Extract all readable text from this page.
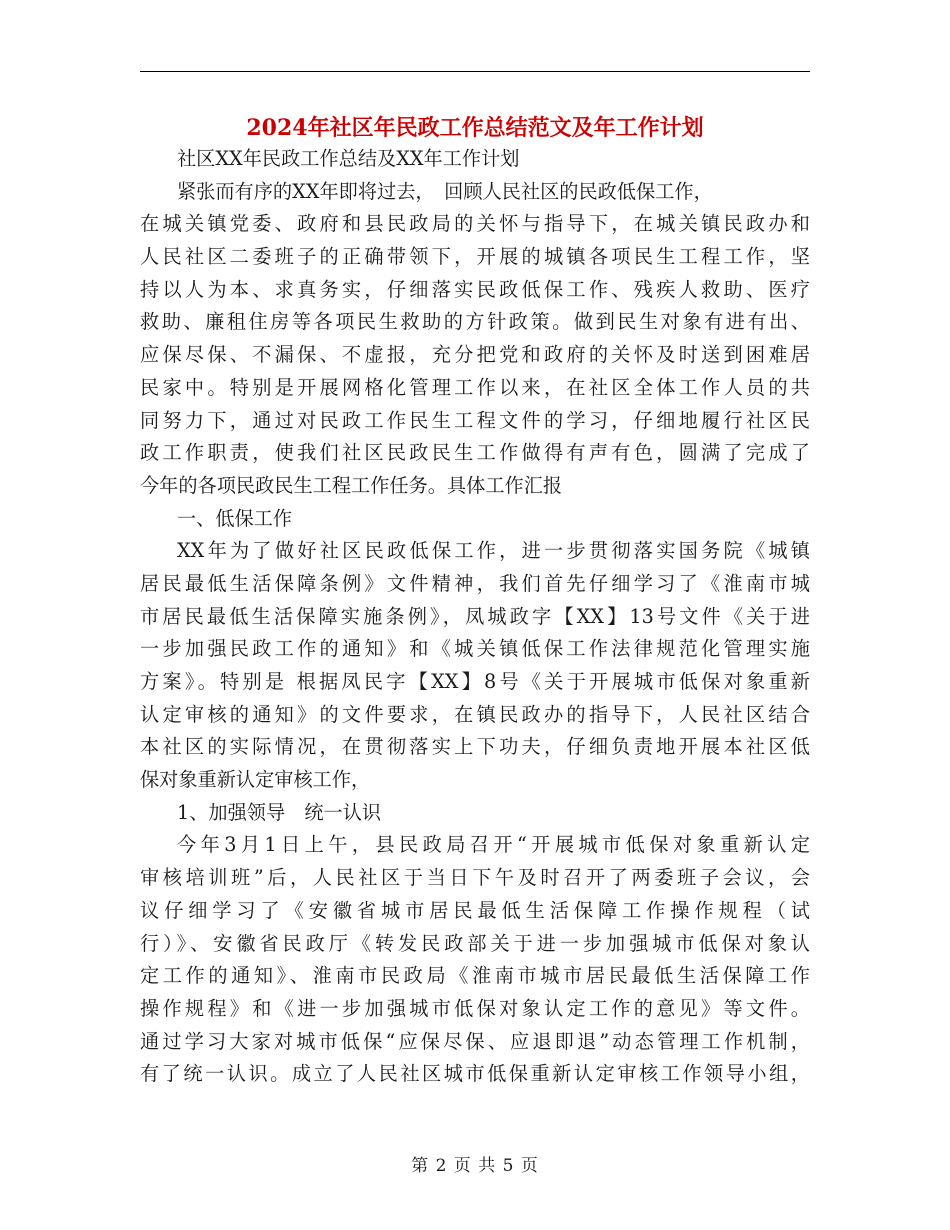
2024年社区年民政工作总结范文及年工作计划
社区XX年民政工作总结及XX年工作计划
紧张而有序的XX年即将过去，　回顾人民社区的民政低保工作，
在城关镇党委、政府和县民政局的关怀与指导下，在城关镇民政办和
人民社区二委班子的正确带领下，开展的城镇各项民生工程工作，坚
持以人为本、求真务实，仔细落实民政低保工作、残疾人救助、医疗
救助、廉租住房等各项民生救助的方针政策。做到民生对象有进有出、
应保尽保、不漏保、不虚报，充分把党和政府的关怀及时送到困难居
民家中。特别是开展网格化管理工作以来，在社区全体工作人员的共
同努力下，通过对民政工作民生工程文件的学习，仔细地履行社区民
政工作职责，使我们社区民政民生工作做得有声有色，圆满了完成了
今年的各项民政民生工程工作任务。具体工作汇报
一、低保工作
XX年为了做好社区民政低保工作，进一步贯彻落实国务院《城镇
居民最低生活保障条例》文件精神，我们首先仔细学习了《淮南市城
市居民最低生活保障实施条例》，凤城政字【XX】13号文件《关于进
一步加强民政工作的通知》和《城关镇低保工作法律规范化管理实施
方案》。特别是 根据凤民字【XX】8号《关于开展城市低保对象重新
认定审核的通知》的文件要求，在镇民政办的指导下，人民社区结合
本社区的实际情况，在贯彻落实上下功夫，仔细负责地开展本社区低
保对象重新认定审核工作，
1、加强领导　统一认识
今年3月1日上午，县民政局召开“开展城市低保对象重新认定
审核培训班”后，人民社区于当日下午及时召开了两委班子会议，会
议仔细学习了《安徽省城市居民最低生活保障工作操作规程（试
行）》、安徽省民政厅《转发民政部关于进一步加强城市低保对象认
定工作的通知》、淮南市民政局《淮南市城市居民最低生活保障工作
操作规程》和《进一步加强城市低保对象认定工作的意见》等文件。
通过学习大家对城市低保“应保尽保、应退即退”动态管理工作机制，
有了统一认识。成立了人民社区城市低保重新认定审核工作领导小组，
第 2 页 共 5 页
